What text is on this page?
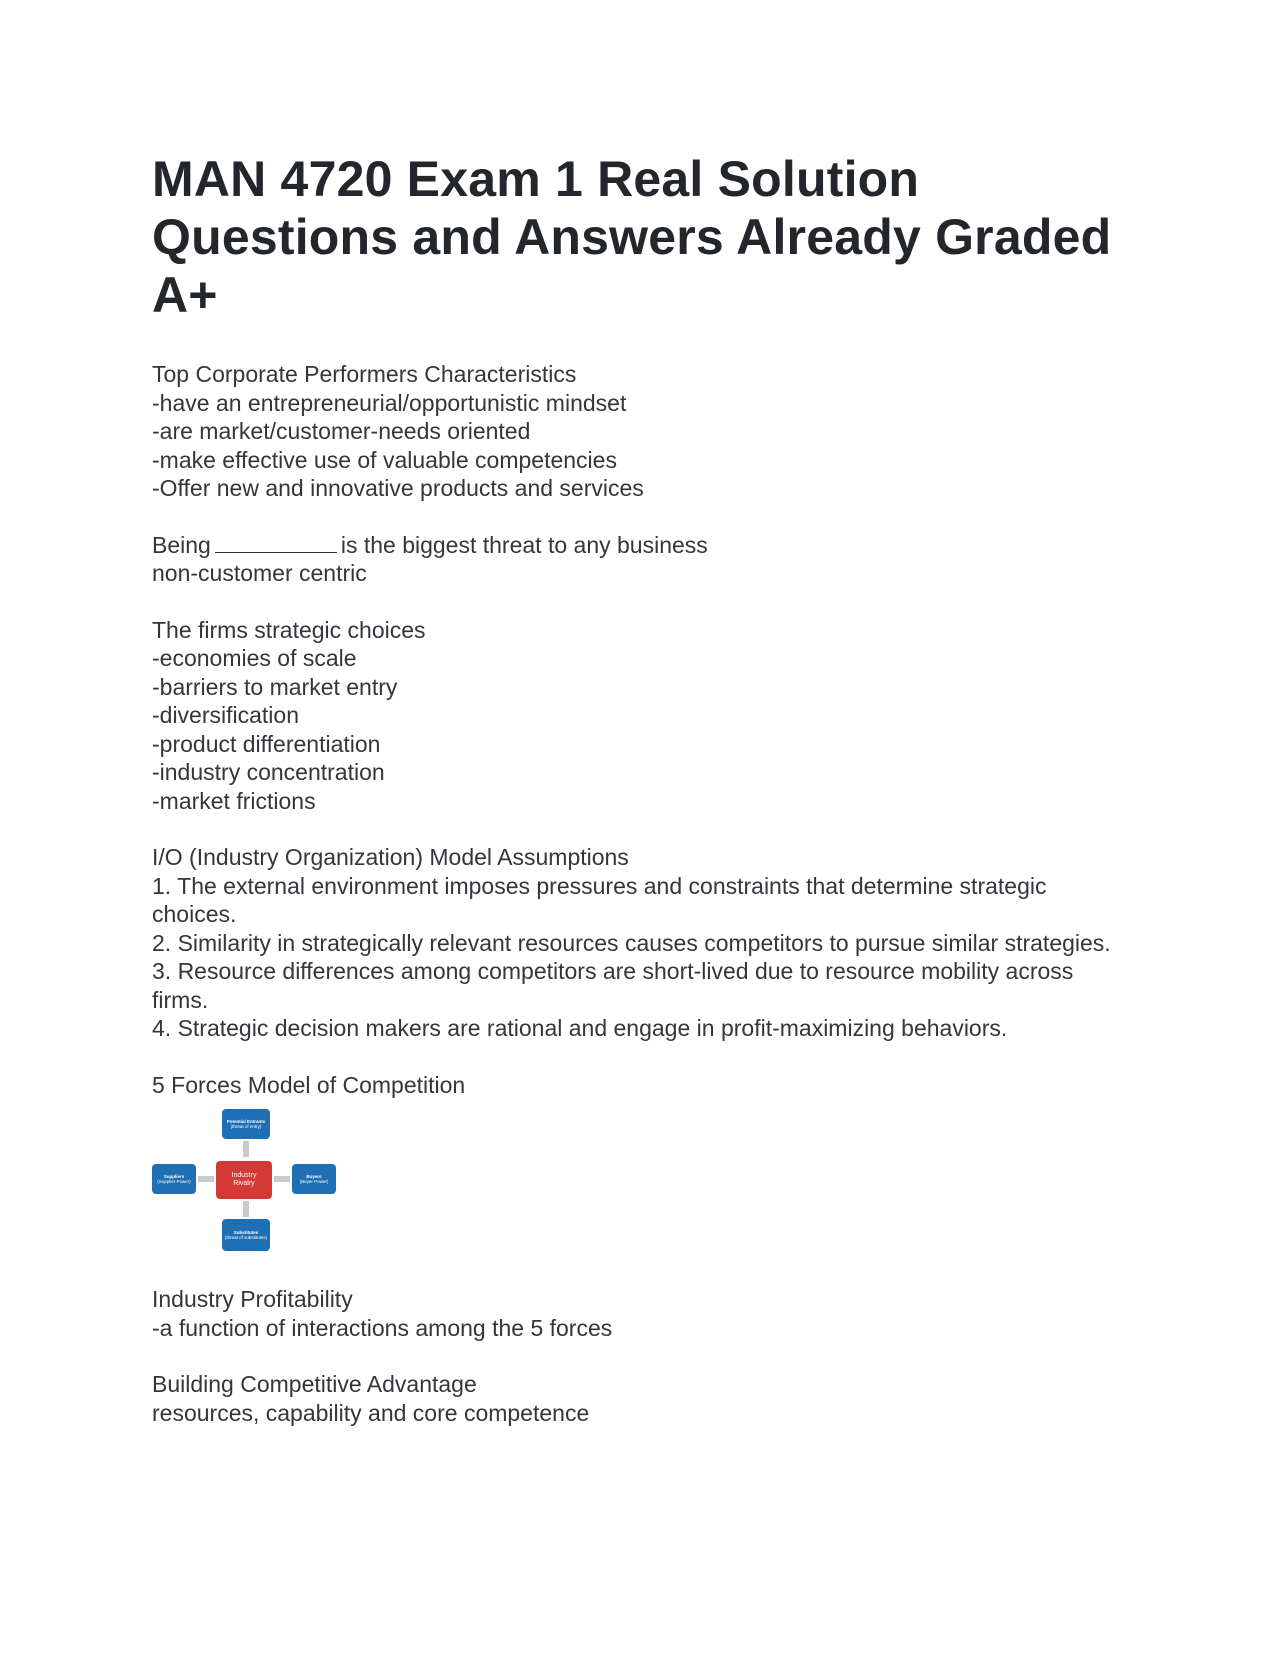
MAN 4720 Exam 1 Real Solution
Questions and Answers Already Graded
A+
Top Corporate Performers Characteristics
-have an entrepreneurial/opportunistic mindset
-are market/customer-needs oriented
-make effective use of valuable competencies
-Offer new and innovative products and services
Being	is the biggest threat to any business
non-customer centric
The firms strategic choices
-economies of scale
-barriers to market entry
-diversification
-product differentiation
-industry concentration
-market frictions
I/O (Industry Organization) Model Assumptions
1. The external environment imposes pressures and constraints that determine strategic choices.
2. Similarity in strategically relevant resources causes competitors to pursue similar strategies.
3. Resource differences among competitors are short-lived due to resource mobility across firms.
4. Strategic decision makers are rational and engage in profit-maximizing behaviors.
5 Forces Model of Competition
Potential Entrants
(threat of entry)
Suppliers
(Supplier Power)
Industry
Rivalry
Buyers
(Buyer Power)
Substitutes
(threat of substitutes)
Industry Profitability
-a function of interactions among the 5 forces
Building Competitive Advantage
resources, capability and core competence
